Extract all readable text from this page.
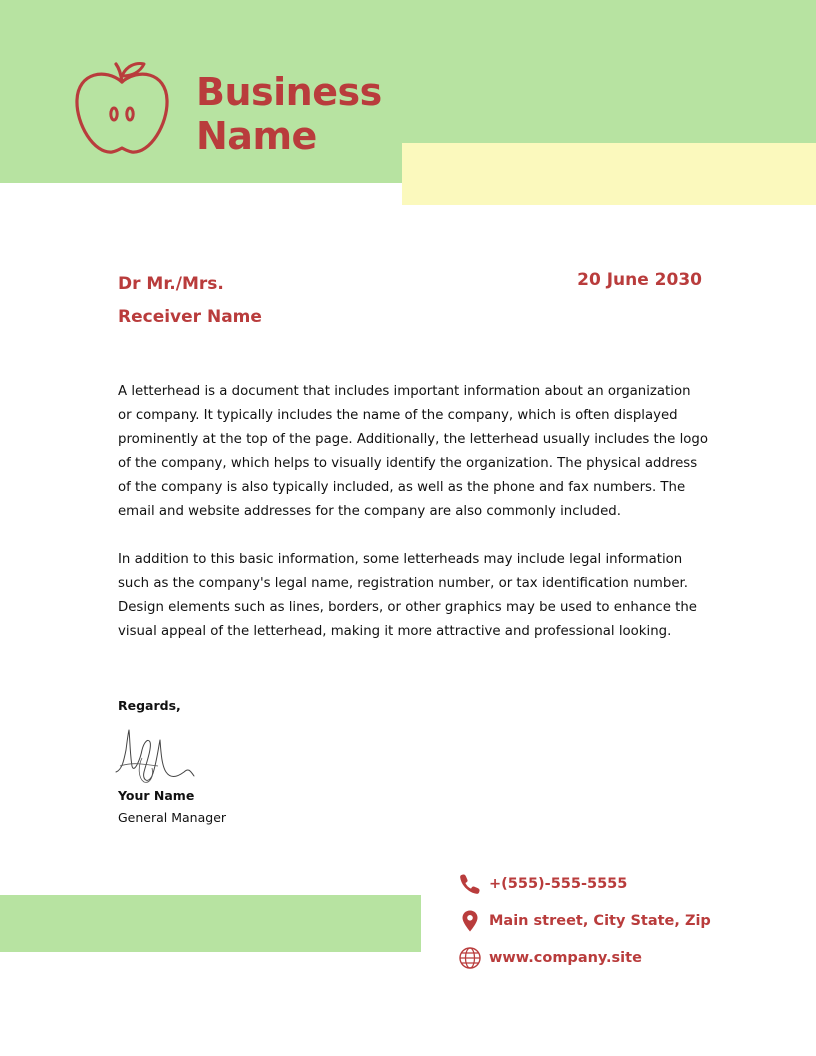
Business
Name
Dr Mr./Mrs.
Receiver Name
20 June 2030

A letterhead is a document that includes important information about an organization or company. It typically includes the name of the company, which is often displayed prominently at the top of the page. Additionally, the letterhead usually includes the logo of the company, which helps to visually identify the organization. The physical address of the company is also typically included, as well as the phone and fax numbers. The email and website addresses for the company are also commonly included.

In addition to this basic information, some letterheads may include legal information such as the company's legal name, registration number, or tax identification number. Design elements such as lines, borders, or other graphics may be used to enhance the visual appeal of the letterhead, making it more attractive and professional looking.

Regards,
Your Name
General Manager
+(555)-555-5555
Main street, City State, Zip
www.company.site
